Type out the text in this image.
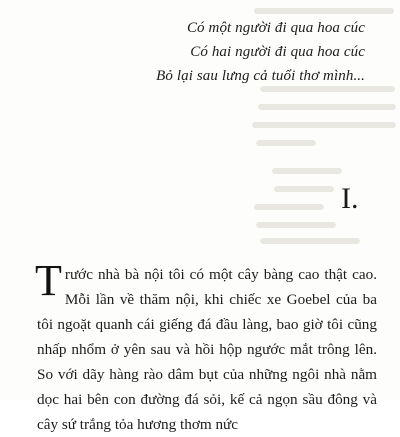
Có một người đi qua hoa cúc
Có hai người đi qua hoa cúc
Bỏ lại sau lưng cả tuổi thơ mình...
I.
Trước nhà bà nội tôi có một cây bàng cao thật cao. Mỗi lần về thăm nội, khi chiếc xe Goebel của ba tôi ngoặt quanh cái giếng đá đầu làng, bao giờ tôi cũng nhấp nhổm ở yên sau và hồi hộp ngước mắt trông lên. So với dãy hàng rào dâm bụt của những ngôi nhà nằm dọc hai bên con đường đá sỏi, kế cả ngọn sầu đông và cây sứ trắng tỏa hương thơm nức
